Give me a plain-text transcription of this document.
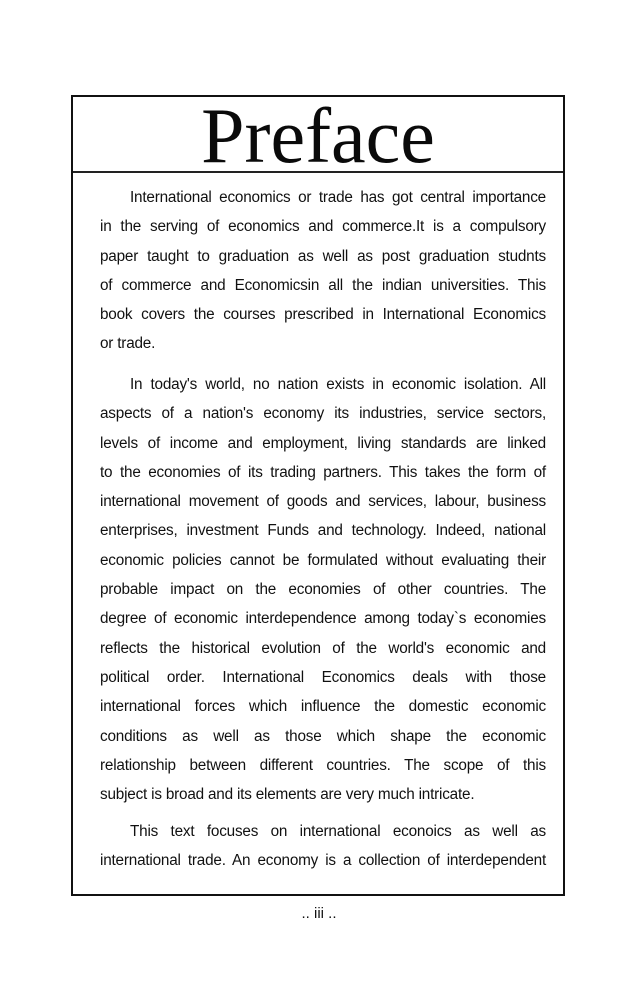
Preface
International economics or trade has got central importance
in the serving of economics and commerce.It is a compulsory
paper taught to graduation as well as post graduation studnts
of commerce and Economicsin all the indian universities. This
book covers the courses prescribed in International Economics
or trade.
In today's world, no nation exists in economic isolation. All
aspects of a nation's economy its industries, service sectors,
levels of income and employment, living standards are linked
to the economies of its trading partners. This takes the form of
international movement of goods and services, labour, business
enterprises, investment Funds and technology. Indeed, national
economic policies cannot be formulated without evaluating their
probable impact on the economies of other countries. The
degree of economic interdependence among today`s economies
reflects the historical evolution of the world's economic and
political order. International Economics deals with those
international forces which influence the domestic economic
conditions as well as those which shape the economic
relationship between different countries. The scope of this
subject is broad and its elements are very much intricate.
This text focuses on international econoics as well as
international trade. An economy is a collection of interdependent
.. iii ..
